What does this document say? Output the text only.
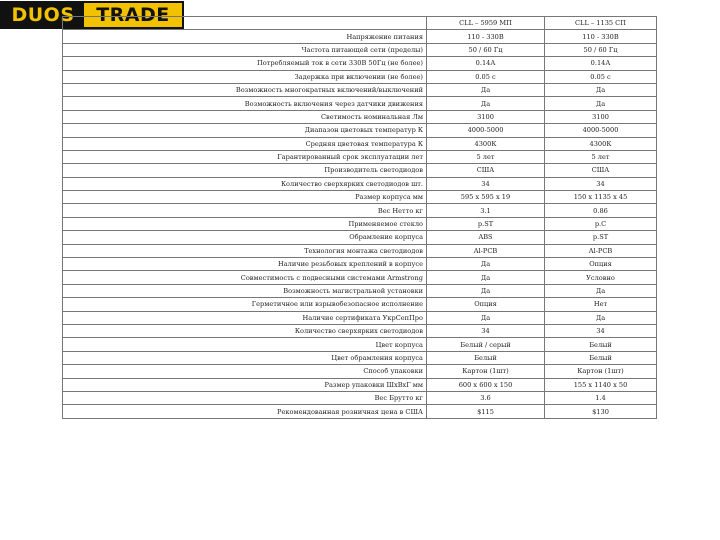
DUOS	TRADE
		CLL – 5959 МП	CLL – 1135 СП
Напряжение питания	110 - 330В	110 - 330В
Частота питающей сети (пределы)	50 / 60 Гц	50 / 60 Гц
Потребляемый ток в сети 330В 50Гц (не более)	0.14А	0.14А
Задержка при включении (не более)	0.05 с	0.05 с
Возможность многократных включений/выключений	Да	Да
Возможность включения через датчики движения	Да	Да
Светимость номинальная Лм	3100	3100
Диапазон цветовых температур К	4000-5000	4000-5000
Средняя цветовая температура К	4300К	4300К
Гарантированный срок эксплуатации лет	5 лет	5 лет
Производитель светодиодов	США	США
Количество сверхярких светодиодов шт.	34	34
Размер корпуса мм	595 x 595 x 19	150 x 1135 x 45
Вес Нетто кг	3.1	0.86
Применяемое стекло	p.ST	p.C
Обрамление корпуса	ABS	p.ST
Технология монтажа светодиодов	Al-PCB	Al-PCB
Наличие резьбовых креплений в корпусе	Да	Опция
Совместимость с подвесными системами Armstrong	Да	Условно
Возможность магистральной установки	Да	Да
Герметичное или взрывобезопасное исполнение	Опция	Нет
Наличие сертификата УкрСепПро	Да	Да
Количество сверхярких светодиодов	34	34
Цвет корпуса	Белый / серый	Белый
Цвет обрамления корпуса	Белый	Белый
Способ упаковки	Картон (1шт)	Картон (1шт)
Размер упаковки ШхВхГ мм	600 x 600 x 150	155 x 1140 x 50
Вес Брутто кг	3.6	1.4
Рекомендованная розничная цена в США	$115	$130
